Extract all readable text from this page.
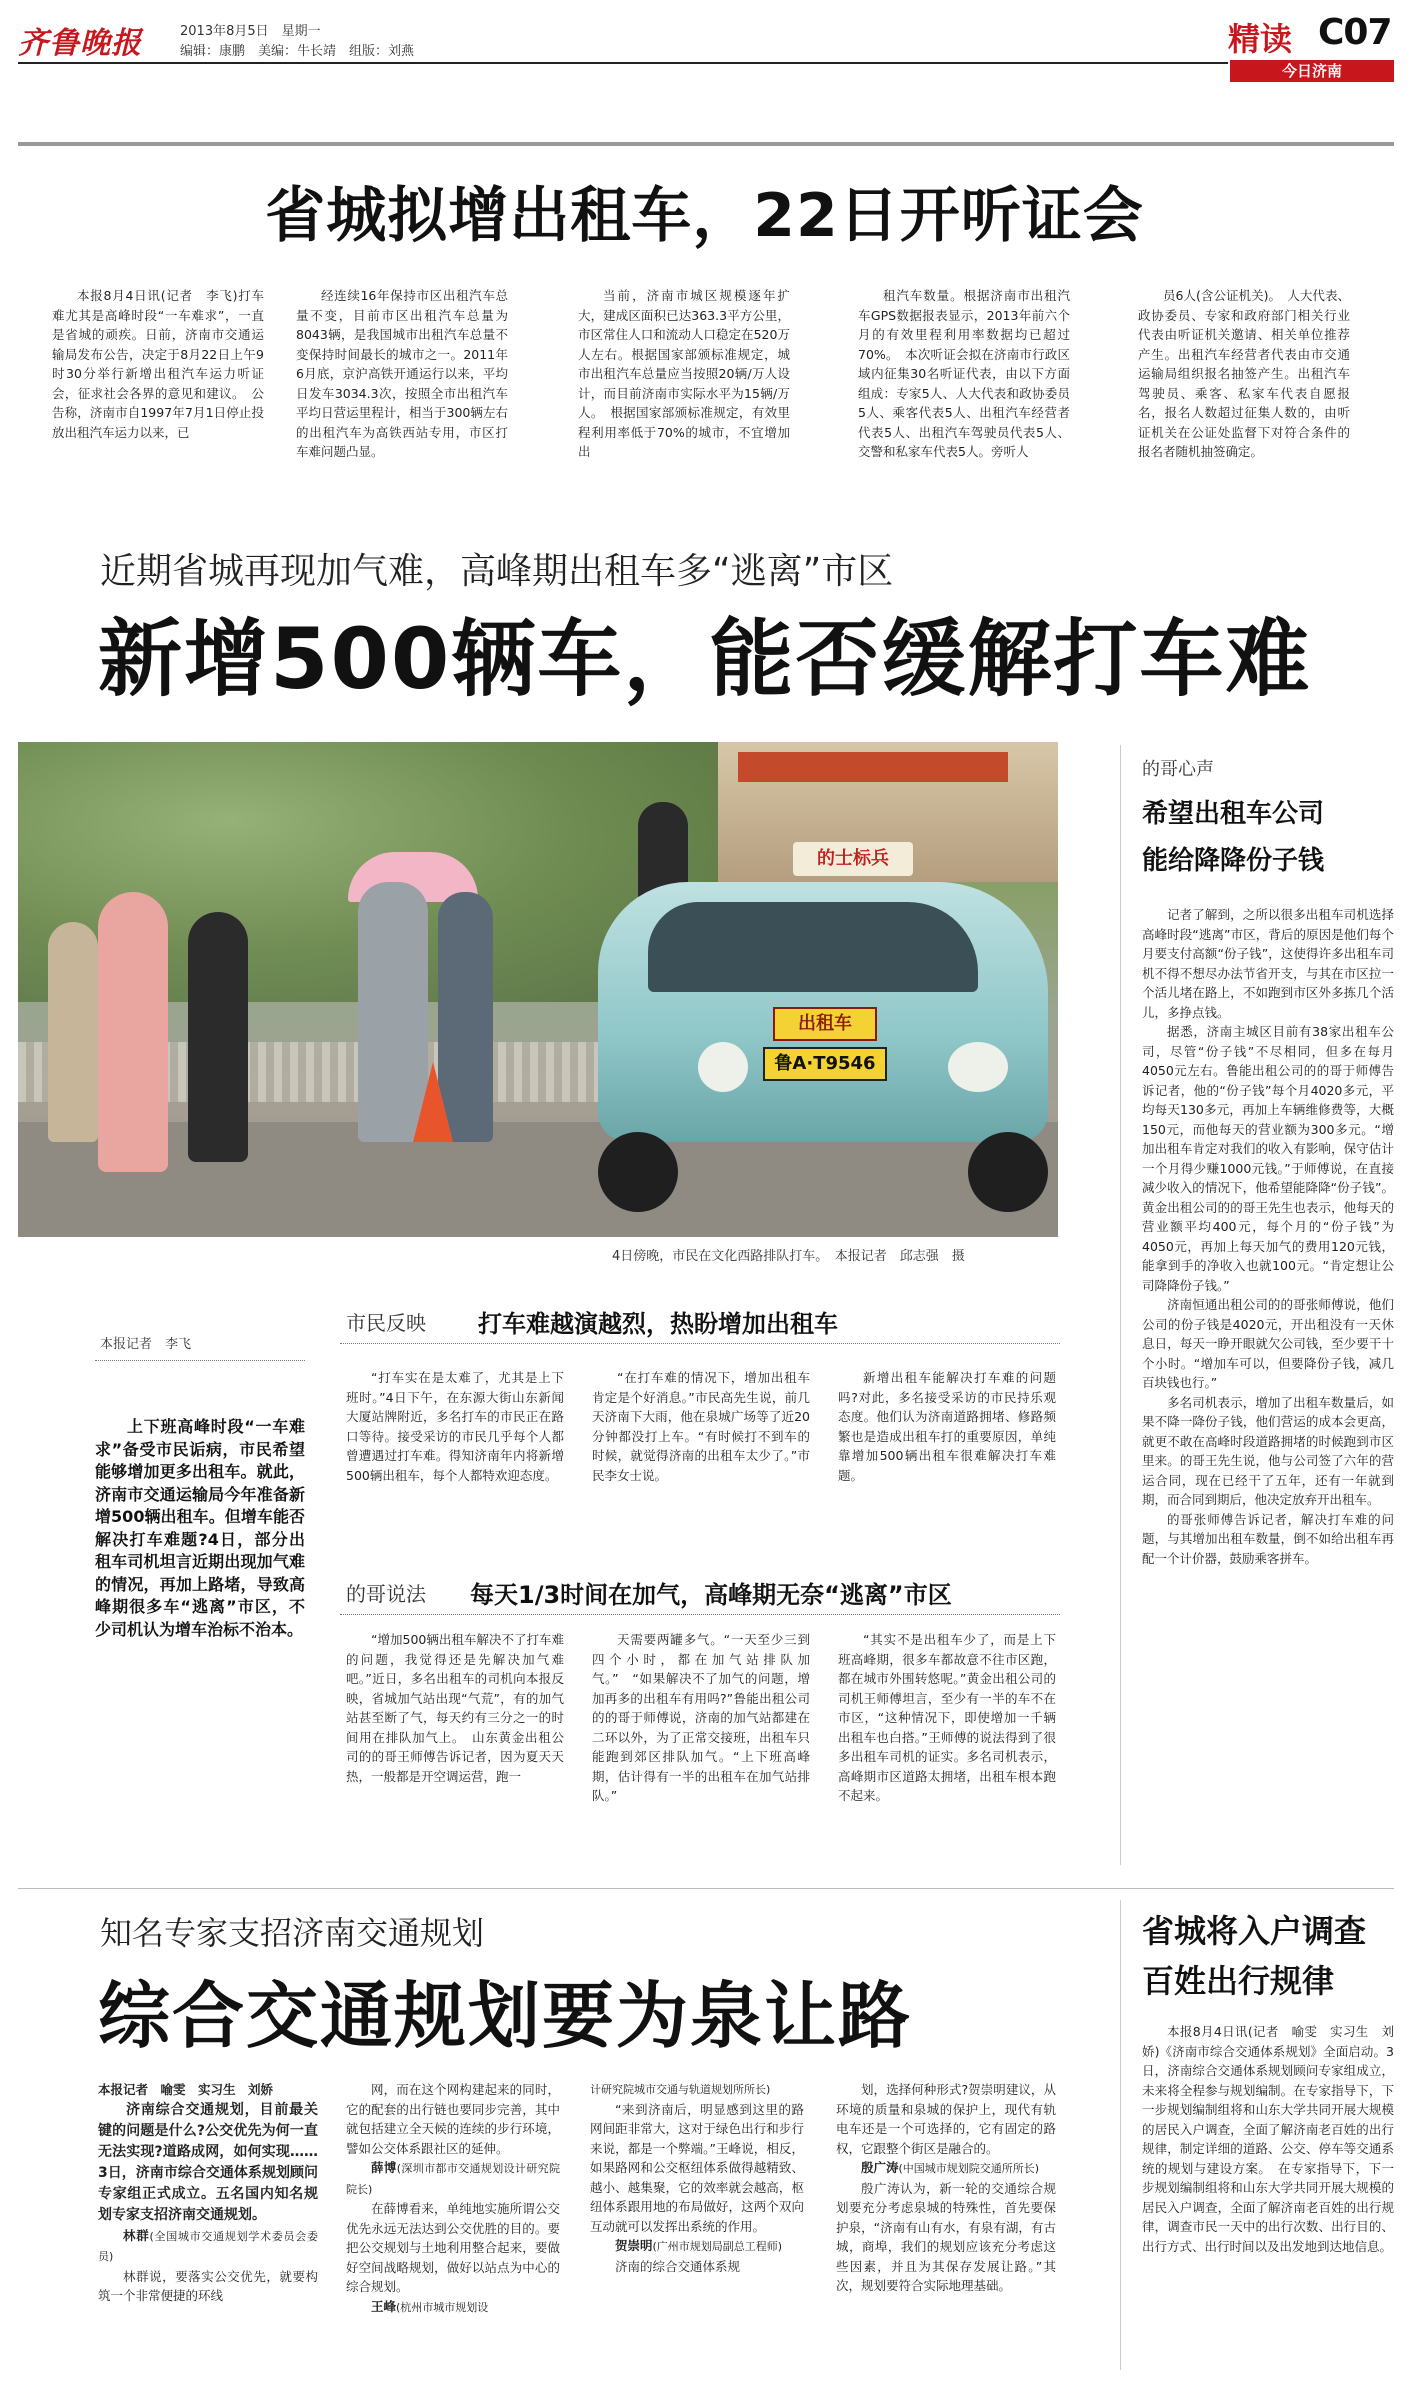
齐鲁晚报	2013年8月5日　星期一
编辑：康鹏　美编：牛长靖　组版：刘燕	精读 C07
今日济南
省城拟增出租车，22日开听证会

本报8月4日讯(记者　李飞)打车难尤其是高峰时段“一车难求”，一直是省城的顽疾。日前，济南市交通运输局发布公告，决定于8月22日上午9时30分举行新增出租汽车运力听证会，征求社会各界的意见和建议。　公告称，济南市自1997年7月1日停止投放出租汽车运力以来，已

经连续16年保持市区出租汽车总量不变，目前市区出租汽车总量为8043辆，是我国城市出租汽车总量不变保持时间最长的城市之一。2011年6月底，京沪高铁开通运行以来，平均日发车3034.3次，按照全市出租汽车平均日营运里程计，相当于300辆左右的出租汽车为高铁西站专用，市区打车难问题凸显。

当前，济南市城区规模逐年扩大，建成区面积已达363.3平方公里，市区常住人口和流动人口稳定在520万人左右。根据国家部颁标准规定，城市出租汽车总量应当按照20辆/万人设计，而目前济南市实际水平为15辆/万人。　根据国家部颁标准规定，有效里程利用率低于70%的城市，不宜增加出

租汽车数量。根据济南市出租汽车GPS数据报表显示，2013年前六个月的有效里程利用率数据均已超过70%。　本次听证会拟在济南市行政区域内征集30名听证代表，由以下方面组成：专家5人、人大代表和政协委员5人、乘客代表5人、出租汽车经营者代表5人、出租汽车驾驶员代表5人、交警和私家车代表5人。旁听人

员6人(含公证机关)。　人大代表、政协委员、专家和政府部门相关行业代表由听证机关邀请、相关单位推荐产生。出租汽车经营者代表由市交通运输局组织报名抽签产生。出租汽车驾驶员、乘客、私家车代表自愿报名，报名人数超过征集人数的，由听证机关在公证处监督下对符合条件的报名者随机抽签确定。

近期省城再现加气难，高峰期出租车多“逃离”市区
新增500辆车，能否缓解打车难

的士标兵
出租车
鲁A·T9546
4日傍晚，市民在文化西路排队打车。　本报记者　邱志强　摄
本报记者　李飞

上下班高峰时段“一车难求”备受市民诟病，市民希望能够增加更多出租车。就此，济南市交通运输局今年准备新增500辆出租车。但增车能否解决打车难题?4日，部分出租车司机坦言近期出现加气难的情况，再加上路堵，导致高峰期很多车“逃离”市区，不少司机认为增车治标不治本。

市民反映 打车难越演越烈，热盼增加出租车

“打车实在是太难了，尤其是上下班时。”4日下午，在东源大街山东新闻大厦站牌附近，多名打车的市民正在路口等待。接受采访的市民几乎每个人都曾遭遇过打车难。得知济南年内将新增500辆出租车，每个人都特欢迎态度。

“在打车难的情况下，增加出租车肯定是个好消息。”市民高先生说，前几天济南下大雨，他在泉城广场等了近20分钟都没打上车。“有时候打不到车的时候，就觉得济南的出租车太少了。”市民李女士说。

新增出租车能解决打车难的问题吗?对此，多名接受采访的市民持乐观态度。他们认为济南道路拥堵、修路频繁也是造成出租车打的重要原因，单纯靠增加500辆出租车很难解决打车难题。

的哥说法 每天1/3时间在加气，高峰期无奈“逃离”市区

“增加500辆出租车解决不了打车难的问题，我觉得还是先解决加气难吧。”近日，多名出租车的司机向本报反映，省城加气站出现“气荒”，有的加气站甚至断了气，每天约有三分之一的时间用在排队加气上。　山东黄金出租公司的的哥王师傅告诉记者，因为夏天天热，一般都是开空调运营，跑一

天需要两罐多气。“一天至少三到四个小时，都在加气站排队加气。”　“如果解决不了加气的问题，增加再多的出租车有用吗?”鲁能出租公司的的哥于师傅说，济南的加气站都建在二环以外，为了正常交接班，出租车只能跑到郊区排队加气。“上下班高峰期，估计得有一半的出租车在加气站排队。”

“其实不是出租车少了，而是上下班高峰期，很多车都故意不往市区跑，都在城市外围转悠呢。”黄金出租公司的司机王师傅坦言，至少有一半的车不在市区，“这种情况下，即使增加一千辆出租车也白搭。”王师傅的说法得到了很多出租车司机的证实。多名司机表示，高峰期市区道路太拥堵，出租车根本跑不起来。

的哥心声
希望出租车公司
能给降降份子钱

记者了解到，之所以很多出租车司机选择高峰时段“逃离”市区，背后的原因是他们每个月要支付高额“份子钱”，这使得许多出租车司机不得不想尽办法节省开支，与其在市区拉一个活儿堵在路上，不如跑到市区外多拣几个活儿，多挣点钱。

据悉，济南主城区目前有38家出租车公司，尽管“份子钱”不尽相同，但多在每月4050元左右。鲁能出租公司的的哥于师傅告诉记者，他的“份子钱”每个月4020多元，平均每天130多元，再加上车辆维修费等，大概150元，而他每天的营业额为300多元。“增加出租车肯定对我们的收入有影响，保守估计一个月得少赚1000元钱。”于师傅说，在直接减少收入的情况下，他希望能降降“份子钱”。黄金出租公司的的哥王先生也表示，他每天的营业额平均400元，每个月的“份子钱”为4050元，再加上每天加气的费用120元钱，能拿到手的净收入也就100元。“肯定想让公司降降份子钱。”

济南恒通出租公司的的哥张师傅说，他们公司的份子钱是4020元，开出租没有一天休息日，每天一睁开眼就欠公司钱，至少要干十个小时。“增加车可以，但要降份子钱，减几百块钱也行。”

多名司机表示，增加了出租车数量后，如果不降一降份子钱，他们营运的成本会更高，就更不敢在高峰时段道路拥堵的时候跑到市区里来。的哥王先生说，他与公司签了六年的营运合同，现在已经干了五年，还有一年就到期，而合同到期后，他决定放弃开出租车。

的哥张师傅告诉记者，解决打车难的问题，与其增加出租车数量，倒不如给出租车再配一个计价器，鼓励乘客拼车。

知名专家支招济南交通规划
综合交通规划要为泉让路

本报记者　喻雯　实习生　刘娇

济南综合交通规划，目前最关键的问题是什么?公交优先为何一直无法实现?道路成网，如何实现……3日，济南市综合交通体系规划顾问专家组正式成立。五名国内知名规划专家支招济南交通规划。

林群(全国城市交通规划学术委员会委员)

林群说，要落实公交优先，就要构筑一个非常便捷的环线

网，而在这个网构建起来的同时，它的配套的出行链也要同步完善，其中就包括建立全天候的连续的步行环境，譬如公交体系跟社区的延伸。

薛博(深圳市都市交通规划设计研究院院长)

在薛博看来，单纯地实施所谓公交优先永远无法达到公交优胜的目的。要把公交规划与土地利用整合起来，要做好空间战略规划，做好以站点为中心的综合规划。

王峰(杭州市城市规划设

计研究院城市交通与轨道规划所所长)

“来到济南后，明显感到这里的路网间距非常大，这对于绿色出行和步行来说，都是一个弊端。”王峰说，相反，如果路网和公交枢纽体系做得越精致、越小、越集聚，它的效率就会越高，枢纽体系跟用地的布局做好，这两个双向互动就可以发挥出系统的作用。

贺崇明(广州市规划局副总工程师)

济南的综合交通体系规

划，选择何种形式?贺崇明建议，从环境的质量和泉城的保护上，现代有轨电车还是一个可选择的，它有固定的路权，它跟整个街区是融合的。

殷广涛(中国城市规划院交通所所长)

殷广涛认为，新一轮的交通综合规划要充分考虑泉城的特殊性，首先要保护泉，“济南有山有水，有泉有湖，有古城，商埠，我们的规划应该充分考虑这些因素，并且为其保存发展让路。”其次，规划要符合实际地理基础。

省城将入户调查
百姓出行规律

本报8月4日讯(记者　喻雯　实习生　刘娇)《济南市综合交通体系规划》全面启动。3日，济南综合交通体系规划顾问专家组成立，未来将全程参与规划编制。在专家指导下，下一步规划编制组将和山东大学共同开展大规模的居民入户调查，全面了解济南老百姓的出行规律，制定详细的道路、公交、停车等交通系统的规划与建设方案。　在专家指导下，下一步规划编制组将和山东大学共同开展大规模的居民入户调查，全面了解济南老百姓的出行规律，调查市民一天中的出行次数、出行目的、出行方式、出行时间以及出发地到达地信息。
